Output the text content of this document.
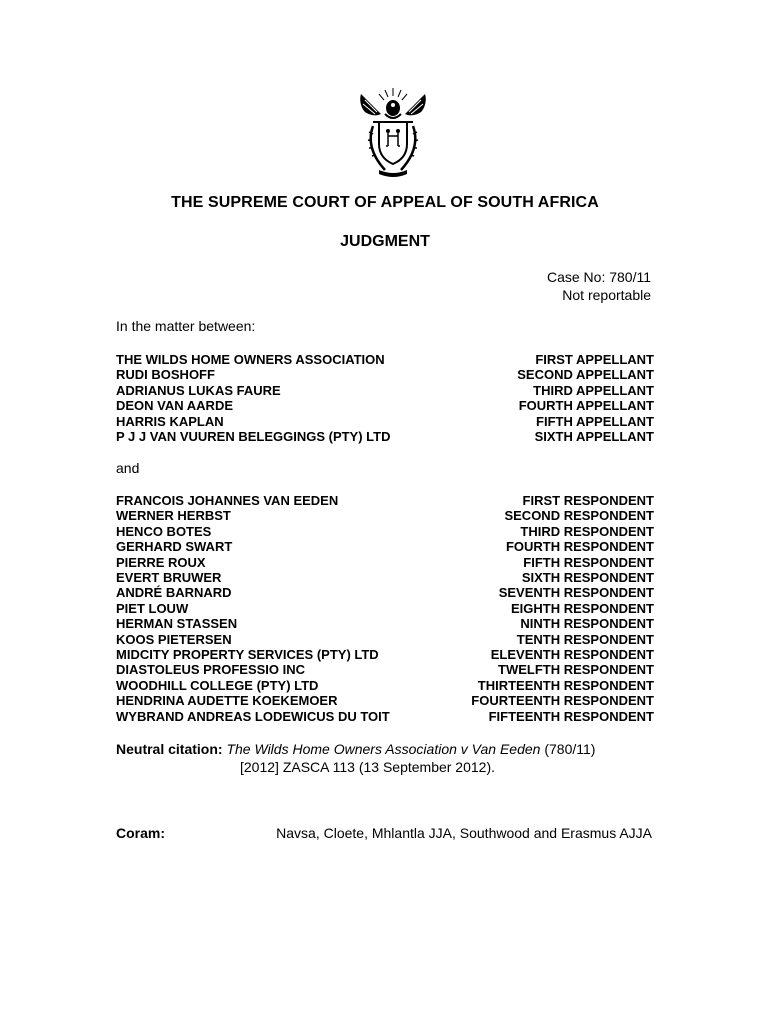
THE SUPREME COURT OF APPEAL OF SOUTH AFRICA
JUDGMENT
Case No: 780/11
Not reportable
In the matter between:
THE WILDS HOME OWNERS ASSOCIATION	FIRST APPELLANT
RUDI BOSHOFF	SECOND APPELLANT
ADRIANUS LUKAS FAURE	THIRD APPELLANT
DEON VAN AARDE	FOURTH APPELLANT
HARRIS KAPLAN	FIFTH APPELLANT
P J J VAN VUUREN BELEGGINGS (PTY) LTD	SIXTH APPELLANT
and
FRANCOIS JOHANNES VAN EEDEN	FIRST RESPONDENT
WERNER HERBST	SECOND RESPONDENT
HENCO BOTES	THIRD RESPONDENT
GERHARD SWART	FOURTH RESPONDENT
PIERRE ROUX	FIFTH RESPONDENT
EVERT BRUWER	SIXTH RESPONDENT
ANDRÉ BARNARD	SEVENTH RESPONDENT
PIET LOUW	EIGHTH RESPONDENT
HERMAN STASSEN	NINTH RESPONDENT
KOOS PIETERSEN	TENTH RESPONDENT
MIDCITY PROPERTY SERVICES (PTY) LTD	ELEVENTH RESPONDENT
DIASTOLEUS PROFESSIO INC	TWELFTH RESPONDENT
WOODHILL COLLEGE (PTY) LTD	THIRTEENTH RESPONDENT
HENDRINA AUDETTE KOEKEMOER	FOURTEENTH RESPONDENT
WYBRAND ANDREAS LODEWICUS DU TOIT	FIFTEENTH RESPONDENT
Neutral citation: The Wilds Home Owners Association v Van Eeden (780/11)
[2012] ZASCA 113 (13 September 2012).
Coram:	Navsa, Cloete, Mhlantla JJA, Southwood and Erasmus AJJA
